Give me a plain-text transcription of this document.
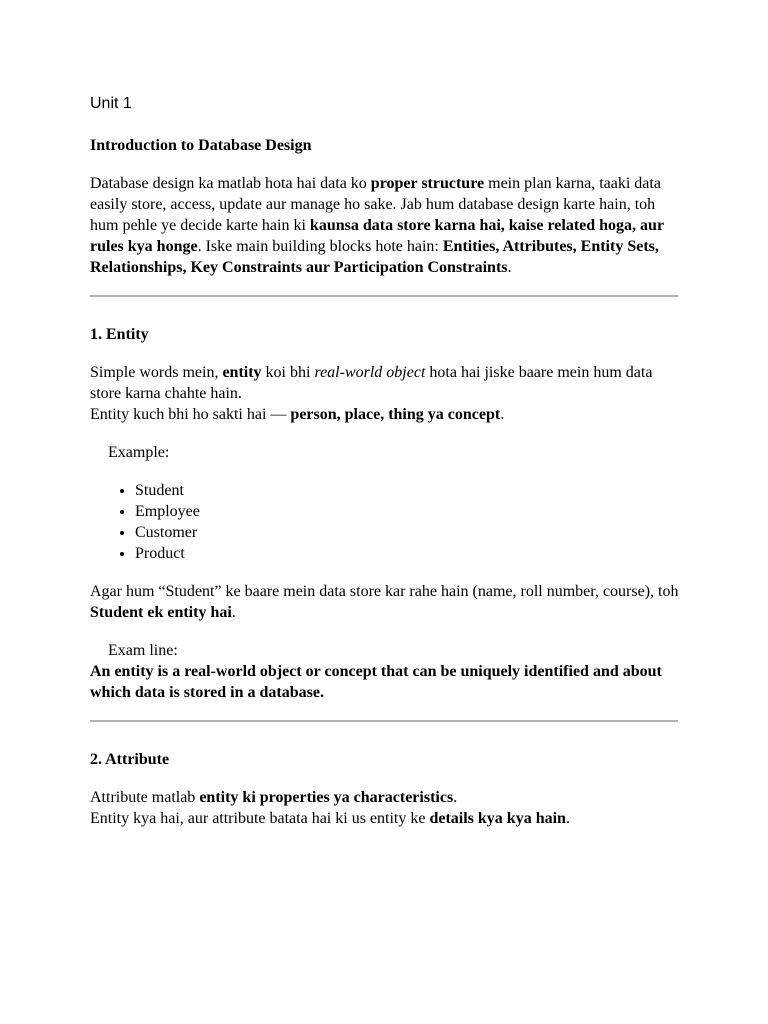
Unit 1
Introduction to Database Design

Database design ka matlab hota hai data ko proper structure mein plan karna, taaki data easily store, access, update aur manage ho sake. Jab hum database design karte hain, toh hum pehle ye decide karte hain ki kaunsa data store karna hai, kaise related hoga, aur rules kya honge. Iske main building blocks hote hain: Entities, Attributes, Entity Sets, Relationships, Key Constraints aur Participation Constraints.

1. Entity

Simple words mein, entity koi bhi real-world object hota hai jiske baare mein hum data store karna chahte hain.
Entity kuch bhi ho sakti hai — person, place, thing ya concept.

Example:

• Student
• Employee
• Customer
• Product

Agar hum “Student” ke baare mein data store kar rahe hain (name, roll number, course), toh Student ek entity hai.

Exam line:

An entity is a real-world object or concept that can be uniquely identified and about which data is stored in a database.

2. Attribute

Attribute matlab entity ki properties ya characteristics.
Entity kya hai, aur attribute batata hai ki us entity ke details kya kya hain.
